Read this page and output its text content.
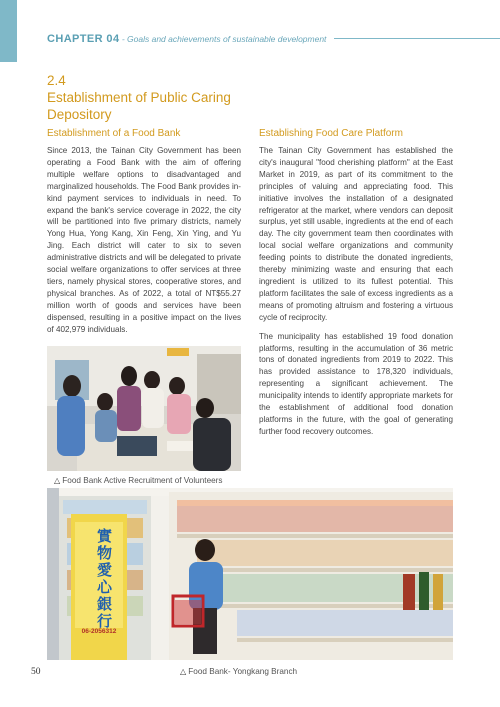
CHAPTER 04 - Goals and achievements of sustainable development
2.4
Establishment of Public Caring Depository
Establishment of a Food Bank

Since 2013, the Tainan City Government has been operating a Food Bank with the aim of offering multiple welfare options to disadvantaged and marginalized households. The Food Bank provides in-kind payment services to individuals in need. To expand the bank's service coverage in 2022, the city will be partitioned into five primary districts, namely Yong Hua, Yong Kang, Xin Feng, Xin Ying, and Yu Jing. Each district will cater to six to seven administrative districts and will be delegated to private social welfare organizations to offer services at three tiers, namely physical stores, cooperative stores, and physical branches. As of 2022, a total of NT$55.27 million worth of goods and services have been dispensed, resulting in a positive impact on the lives of 402,979 individuals.

Establishing Food Care Platform

The Tainan City Government has established the city's inaugural "food cherishing platform" at the East Market in 2019, as part of its commitment to the principles of valuing and appreciating food. This initiative involves the installation of a designated refrigerator at the market, where vendors can deposit surplus, yet still usable, ingredients at the end of each day. The city government team then coordinates with local social welfare organizations and community feeding points to distribute the donated ingredients, thereby minimizing waste and ensuring that each ingredient is utilized to its fullest potential. This platform facilitates the sale of excess ingredients as a means of promoting altruism and fostering a virtuous cycle of reciprocity.

The municipality has established 19 food donation platforms, resulting in the accumulation of 36 metric tons of donated ingredients from 2019 to 2022. This has provided assistance to 178,320 individuals, representing a significant achievement. The municipality intends to identify appropriate markets for the establishment of additional food donation platforms in the future, with the goal of generating further food recovery outcomes.

△ Food Bank Active Recruitment of Volunteers
實物愛心銀行
06-2056312
△ Food Bank- Yongkang Branch
50
